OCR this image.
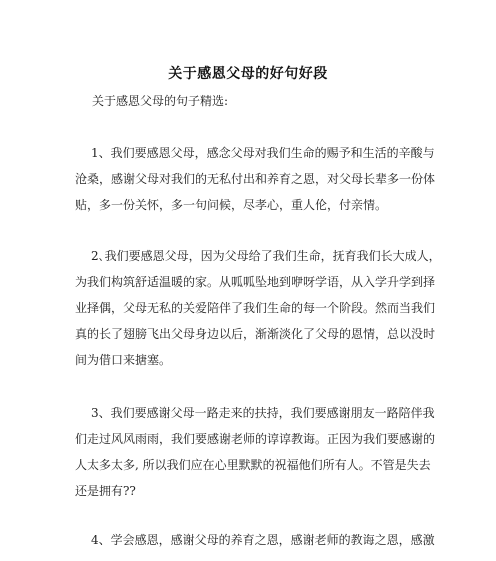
关于感恩父母的好句好段
关于感恩父母的句子精选:
1、我们要感恩父母，感念父母对我们生命的赐予和生活的辛酸与
沧桑，感谢父母对我们的无私付出和养育之恩，对父母长辈多一份体
贴，多一份关怀，多一句问候，尽孝心，重人伦，付亲情。
2､我们要感恩父母，因为父母给了我们生命，抚育我们长大成人，
为我们构筑舒适温暖的家。从呱呱坠地到咿呀学语，从入学升学到择
业择偶，父母无私的关爱陪伴了我们生命的每一个阶段。然而当我们
真的长了翅膀飞出父母身边以后，渐渐淡化了父母的恩情，总以没时
间为借口来搪塞。
3、我们要感谢父母一路走来的扶持，我们要感谢朋友一路陪伴我
们走过风风雨雨，我们要感谢老师的谆谆教诲。正因为我们要感谢的
人太多太多, 所以我们应在心里默默的祝福他们所有人。不管是失去
还是拥有??
4、学会感恩，感谢父母的养育之恩，感谢老师的教诲之恩，感激
